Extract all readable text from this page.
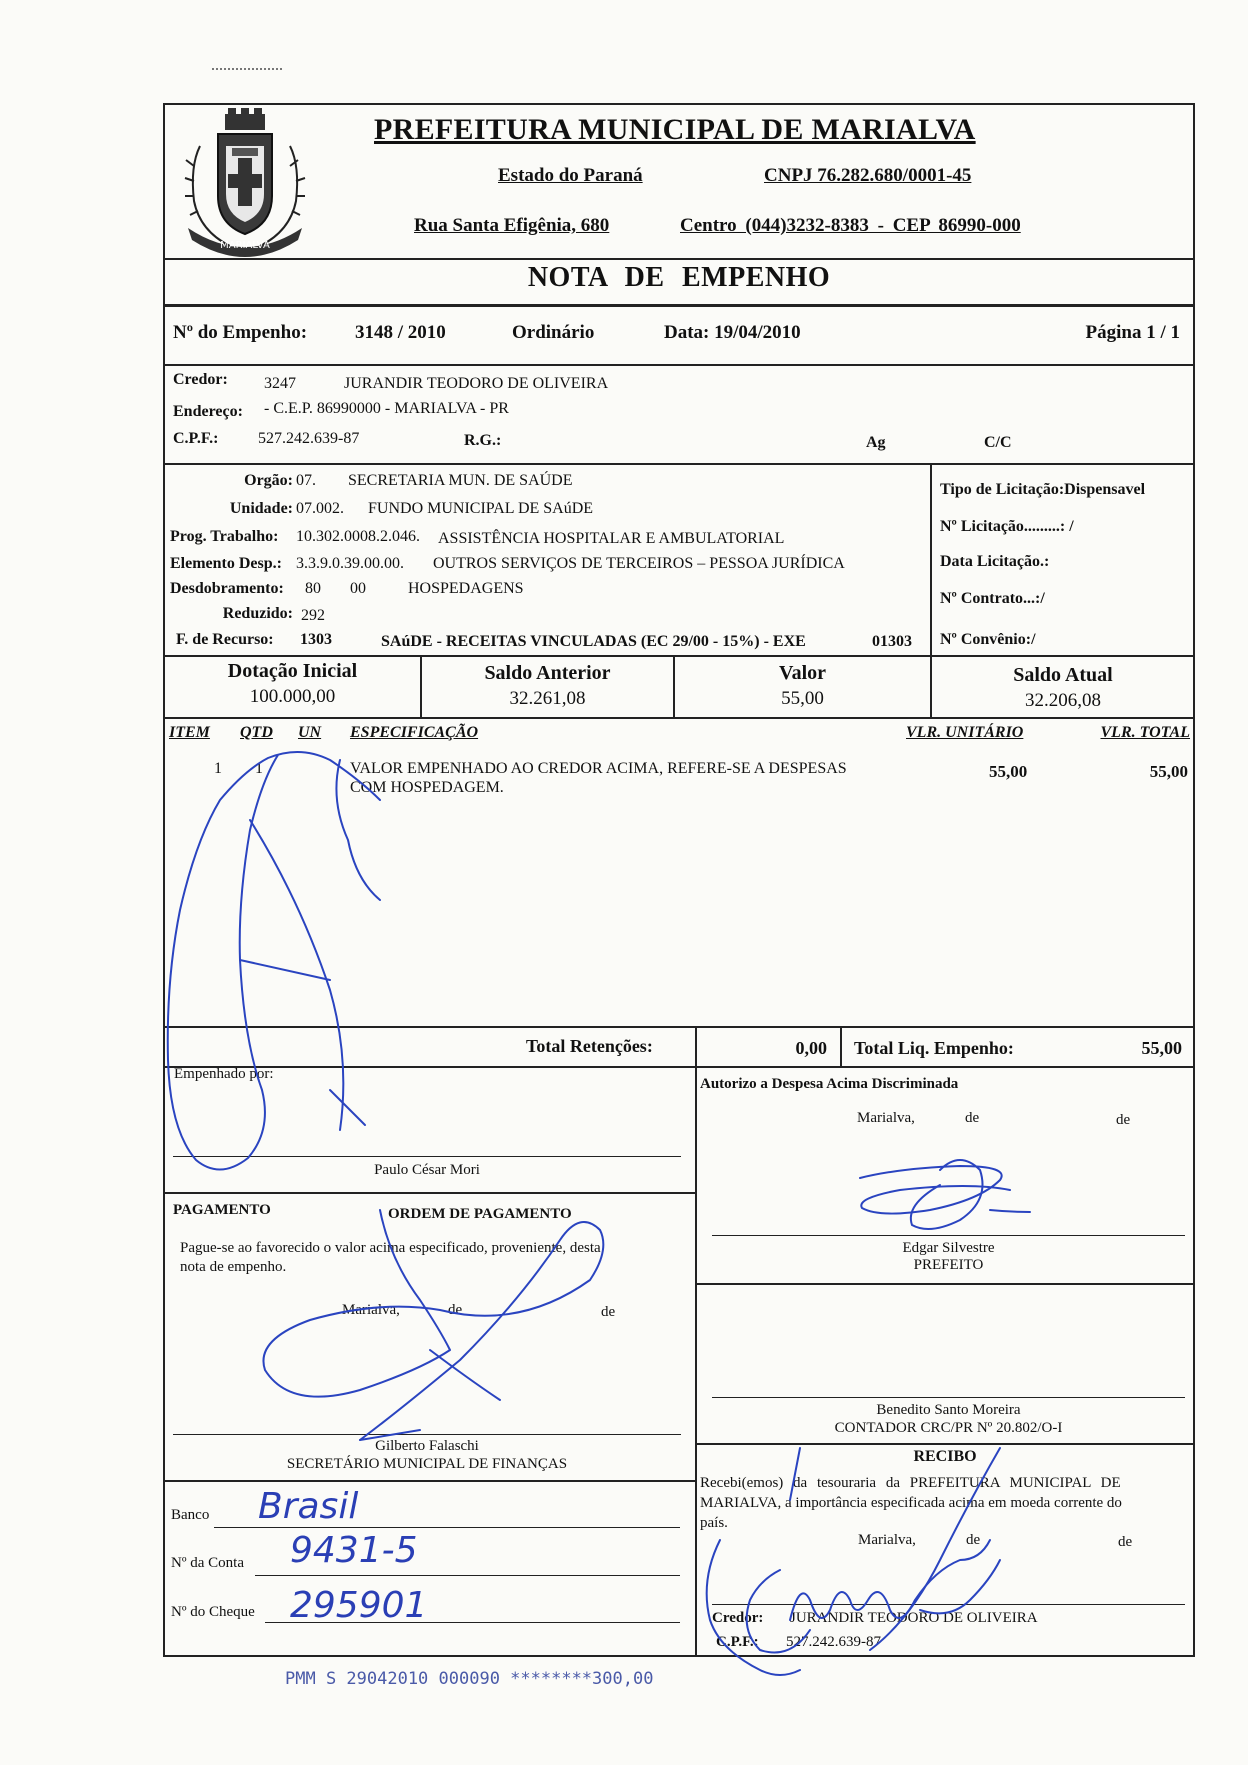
MARIALVA
PREFEITURA MUNICIPAL DE MARIALVA
Estado do Paraná	CNPJ 76.282.680/0001-45
Rua Santa Efigênia, 680	Centro (044)3232-8383 - CEP 86990-000
NOTA DE EMPENHO
Nº do Empenho:	3148 / 2010	Ordinário	Data: 19/04/2010	Página 1 / 1
Credor: 3247	JURANDIR TEODORO DE OLIVEIRA
Endereço: - C.E.P. 86990000 - MARIALVA - PR
C.P.F.: 527.242.639-87	R.G.:	Ag	C/C
Orgão: 07. SECRETARIA MUN. DE SAÚDE
Unidade: 07.002. FUNDO MUNICIPAL DE SAúDE
Prog. Trabalho: 10.302.0008.2.046. ASSISTÊNCIA HOSPITALAR E AMBULATORIAL
Elemento Desp.: 3.3.9.0.39.00.00. OUTROS SERVIÇOS DE TERCEIROS – PESSOA JURÍDICA
Desdobramento: 80 00	HOSPEDAGENS
Reduzido: 292
F. de Recurso: 1303	SAúDE - RECEITAS VINCULADAS (EC 29/00 - 15%) - EXE	01303
Tipo de Licitação:Dispensavel
Nº Licitação.........: /
Data Licitação.:
Nº Contrato...:/
Nº Convênio:/
Dotação Inicial
100.000,00
Saldo Anterior
32.261,08
Valor
55,00
Saldo Atual
32.206,08
ITEM QTD UN ESPECIFICAÇÃO	VLR. UNITÁRIO	VLR. TOTAL
1 1	VALOR EMPENHADO AO CREDOR ACIMA, REFERE-SE A DESPESAS
COM HOSPEDAGEM.
55,00	55,00
Total Retenções:	0,00 Total Liq. Empenho:	55,00
Empenhado por:
Paulo César Mori
Autorizo a Despesa Acima Discriminada
Marialva,	de	de
Edgar Silvestre
PREFEITO
PAGAMENTO	ORDEM DE PAGAMENTO
Pague-se ao favorecido o valor acima especificado, proveniente, desta
nota de empenho.
Marialva,	de	de
Gilberto Falaschi
SECRETÁRIO MUNICIPAL DE FINANÇAS
Benedito Santo Moreira
CONTADOR CRC/PR Nº 20.802/O-I
Banco Brasil
Nº da Conta 9431-5
Nº do Cheque 295901
RECIBO
Recebi(emos) da tesouraria da PREFEITURA MUNICIPAL DE
MARIALVA, a importância especificada acima em moeda corrente do
país.
Marialva,	de	de
Credor: JURANDIR TEODORO DE OLIVEIRA
C.P.F.: 527.242.639-87
PMM S 29042010 000090 ********300,00
